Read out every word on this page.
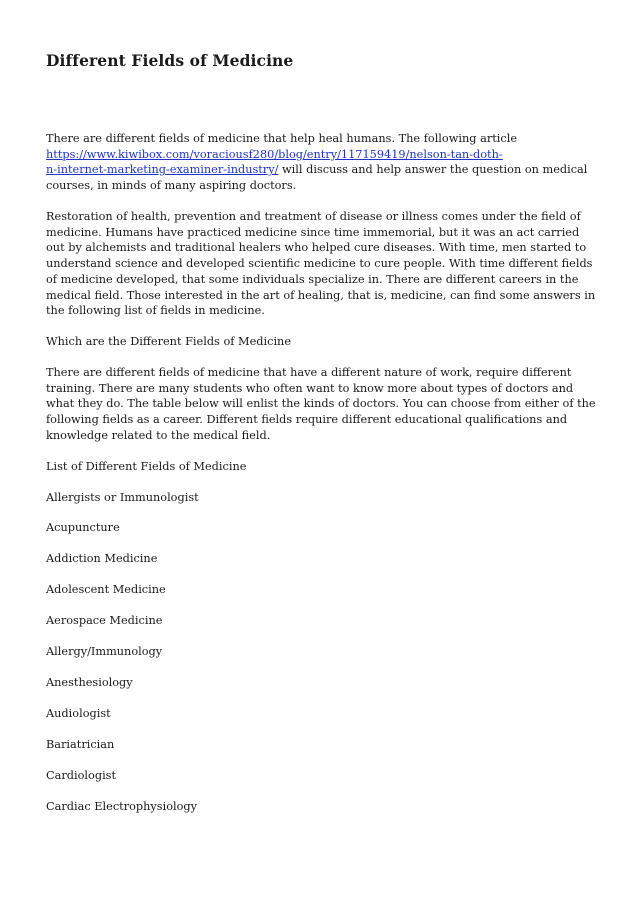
Different Fields of Medicine

There are different fields of medicine that help heal humans. The following article
https://www.kiwibox.com/voraciousf280/blog/entry/117159419/nelson-tan-doth-
n-internet-marketing-examiner-industry/ will discuss and help answer the question on medical courses, in minds of many aspiring doctors.

Restoration of health, prevention and treatment of disease or illness comes under the field of medicine. Humans have practiced medicine since time immemorial, but it was an act carried out by alchemists and traditional healers who helped cure diseases. With time, men started to understand science and developed scientific medicine to cure people. With time different fields of medicine developed, that some individuals specialize in. There are different careers in the medical field. Those interested in the art of healing, that is, medicine, can find some answers in the following list of fields in medicine.

Which are the Different Fields of Medicine

There are different fields of medicine that have a different nature of work, require different training. There are many students who often want to know more about types of doctors and what they do. The table below will enlist the kinds of doctors. You can choose from either of the following fields as a career. Different fields require different educational qualifications and knowledge related to the medical field.

List of Different Fields of Medicine

Allergists or Immunologist

Acupuncture

Addiction Medicine

Adolescent Medicine

Aerospace Medicine

Allergy/Immunology

Anesthesiology

Audiologist

Bariatrician

Cardiologist

Cardiac Electrophysiology
